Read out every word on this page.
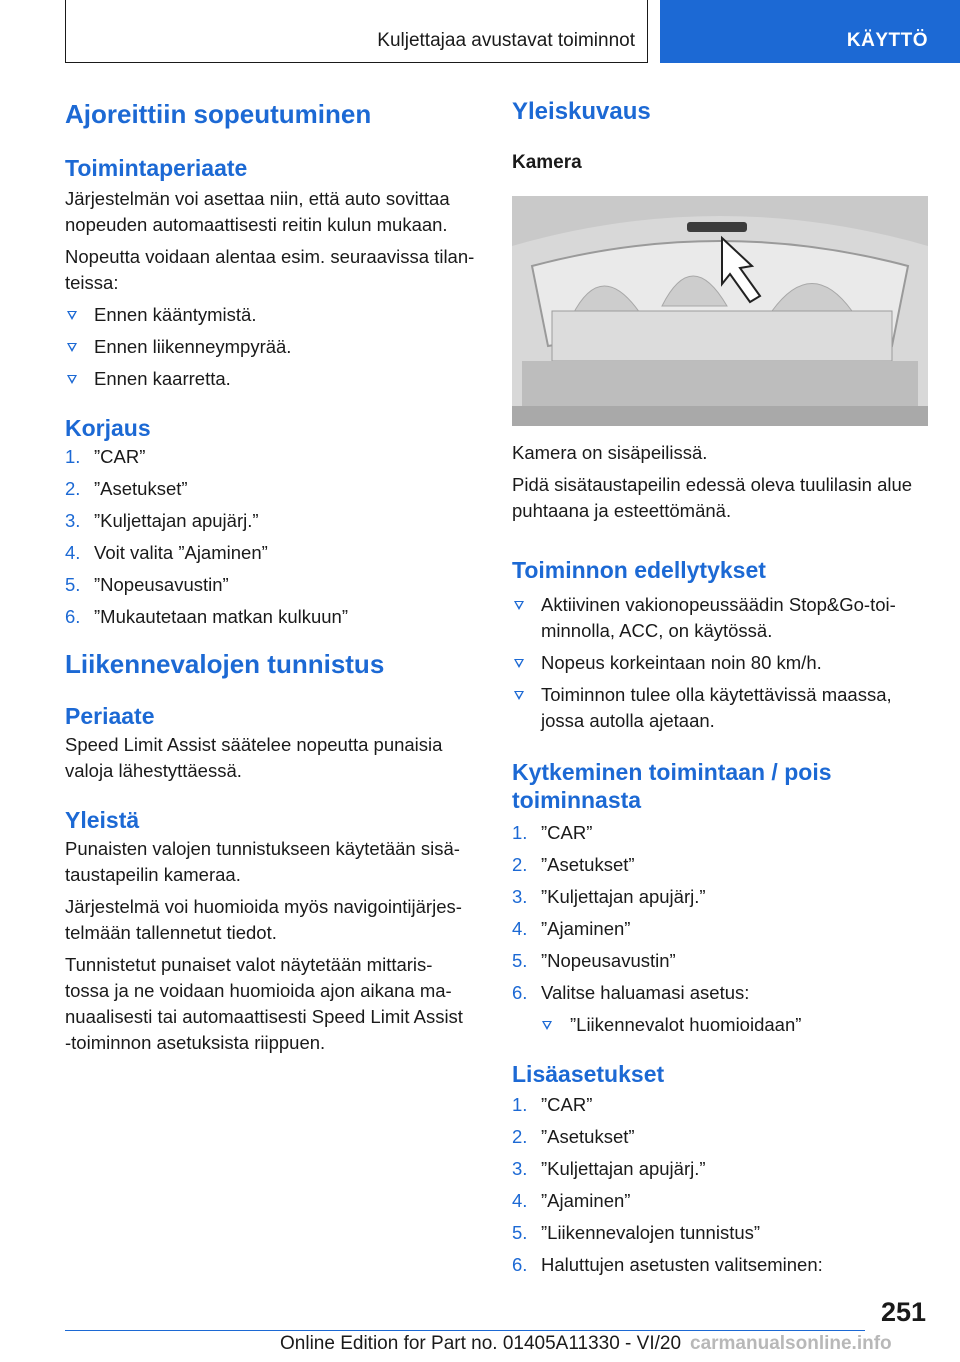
Kuljettajaa avustavat toiminnot	KÄYTTÖ
Ajoreittiin sopeutuminen
Toimintaperiaate

Järjestelmän voi asettaa niin, että auto sovittaa nopeuden automaattisesti reitin kulun mukaan.

Nopeutta voidaan alentaa esim. seuraavissa tilan-
teissa:

Ennen kääntymistä.
Ennen liikenneympyrää.
Ennen kaarretta.
Korjaus
1. ”CAR”
2. ”Asetukset”
3. ”Kuljettajan apujärj.”
4. Voit valita ”Ajaminen”
5. ”Nopeusavustin”
6. ”Mukautetaan matkan kulkuun”
Liikennevalojen tunnistus
Periaate

Speed Limit Assist säätelee nopeutta punaisia valoja lähestyttäessä.

Yleistä

Punaisten valojen tunnistukseen käytetään sisä-
taustapeilin kameraa.

Järjestelmä voi huomioida myös navigointijärjes-
telmään tallennetut tiedot.

Tunnistetut punaiset valot näytetään mittaris-
tossa ja ne voidaan huomioida ajon aikana ma-
nuaalisesti tai automaattisesti Speed Limit Assist
-toiminnon asetuksista riippuen.

Yleiskuvaus
Kamera

Kamera on sisäpeilissä.

Pidä sisätaustapeilin edessä oleva tuulilasin alue puhtaana ja esteettömänä.

Toiminnon edellytykset
Aktiivinen vakionopeussäädin Stop&Go-toi-
minnolla, ACC, on käytössä.
Nopeus korkeintaan noin 80 km/h.
Toiminnon tulee olla käytettävissä maassa, jossa autolla ajetaan.
Kytkeminen toimintaan / pois toiminnasta
1. ”CAR”
2. ”Asetukset”
3. ”Kuljettajan apujärj.”
4. ”Ajaminen”
5. ”Nopeusavustin”
6. Valitse haluamasi asetus:
”Liikennevalot huomioidaan”
Lisäasetukset
1. ”CAR”
2. ”Asetukset”
3. ”Kuljettajan apujärj.”
4. ”Ajaminen”
5. ”Liikennevalojen tunnistus”
6. Haluttujen asetusten valitseminen:
251
Online Edition for Part no. 01405A11330 - VI/20 carmanualsonline.info
